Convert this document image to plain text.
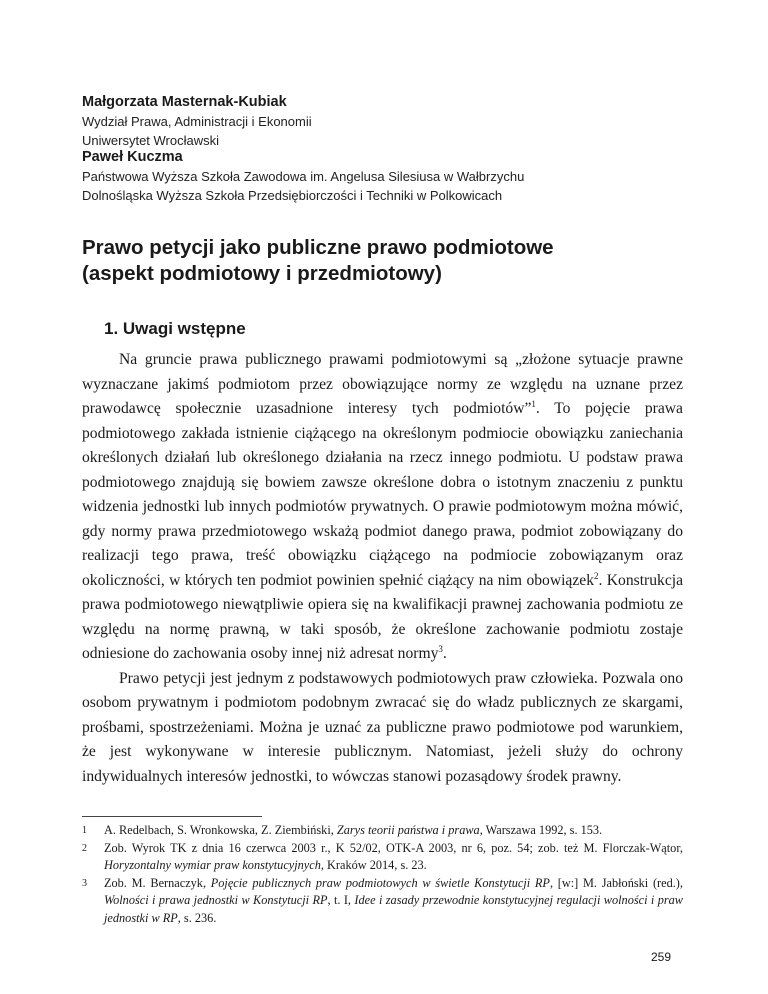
Małgorzata Masternak-Kubiak
Wydział Prawa, Administracji i Ekonomii
Uniwersytet Wrocławski
Paweł Kuczma
Państwowa Wyższa Szkoła Zawodowa im. Angelusa Silesiusa w Wałbrzychu
Dolnośląska Wyższa Szkoła Przedsiębiorczości i Techniki w Polkowicach
Prawo petycji jako publiczne prawo podmiotowe
(aspekt podmiotowy i przedmiotowy)
1. Uwagi wstępne

Na gruncie prawa publicznego prawami podmiotowymi są „złożone sytuacje prawne wyznaczane jakimś podmiotom przez obowiązujące normy ze względu na uznane przez prawodawcę społecznie uzasadnione interesy tych podmiotów”$^1$. To pojęcie prawa podmiotowego zakłada istnienie ciążącego na określonym podmiocie obowiązku zaniechania określonych działań lub określonego działania na rzecz innego podmiotu. U podstaw prawa podmiotowego znajdują się bowiem zawsze określone dobra o istotnym znaczeniu z punktu widzenia jednostki lub innych podmiotów prywatnych. O prawie podmiotowym można mówić, gdy normy prawa przedmiotowego wskażą podmiot danego prawa, podmiot zobowiązany do realizacji tego prawa, treść obowiązku ciążącego na podmiocie zobowiązanym oraz okoliczności, w których ten podmiot powinien spełnić ciążący na nim obowiązek$^2$. Konstrukcja prawa podmiotowego niewątpliwie opiera się na kwalifikacji prawnej zachowania podmiotu ze względu na normę prawną, w taki sposób, że określone zachowanie podmiotu zostaje odniesione do zachowania osoby innej niż adresat normy$^3$.

Prawo petycji jest jednym z podstawowych podmiotowych praw człowieka. Pozwala ono osobom prywatnym i podmiotom podobnym zwracać się do władz publicznych ze skargami, prośbami, spostrzeżeniami. Można je uznać za publiczne prawo podmiotowe pod warunkiem, że jest wykonywane w interesie publicznym. Natomiast, jeżeli służy do ochrony indywidualnych interesów jednostki, to wówczas stanowi pozasądowy środek prawny.

1 A. Redelbach, S. Wronkowska, Z. Ziembiński, Zarys teorii państwa i prawa, Warszawa 1992, s. 153.
2 Zob. Wyrok TK z dnia 16 czerwca 2003 r., K 52/02, OTK-A 2003, nr 6, poz. 54; zob. też M. Florczak-Wątor, Horyzontalny wymiar praw konstytucyjnych, Kraków 2014, s. 23.
3 Zob. M. Bernaczyk, Pojęcie publicznych praw podmiotowych w świetle Konstytucji RP, [w:] M. Jabłoński (red.), Wolności i prawa jednostki w Konstytucji RP, t. I, Idee i zasady przewodnie konstytucyjnej regulacji wolności i praw jednostki w RP, s. 236.
259
